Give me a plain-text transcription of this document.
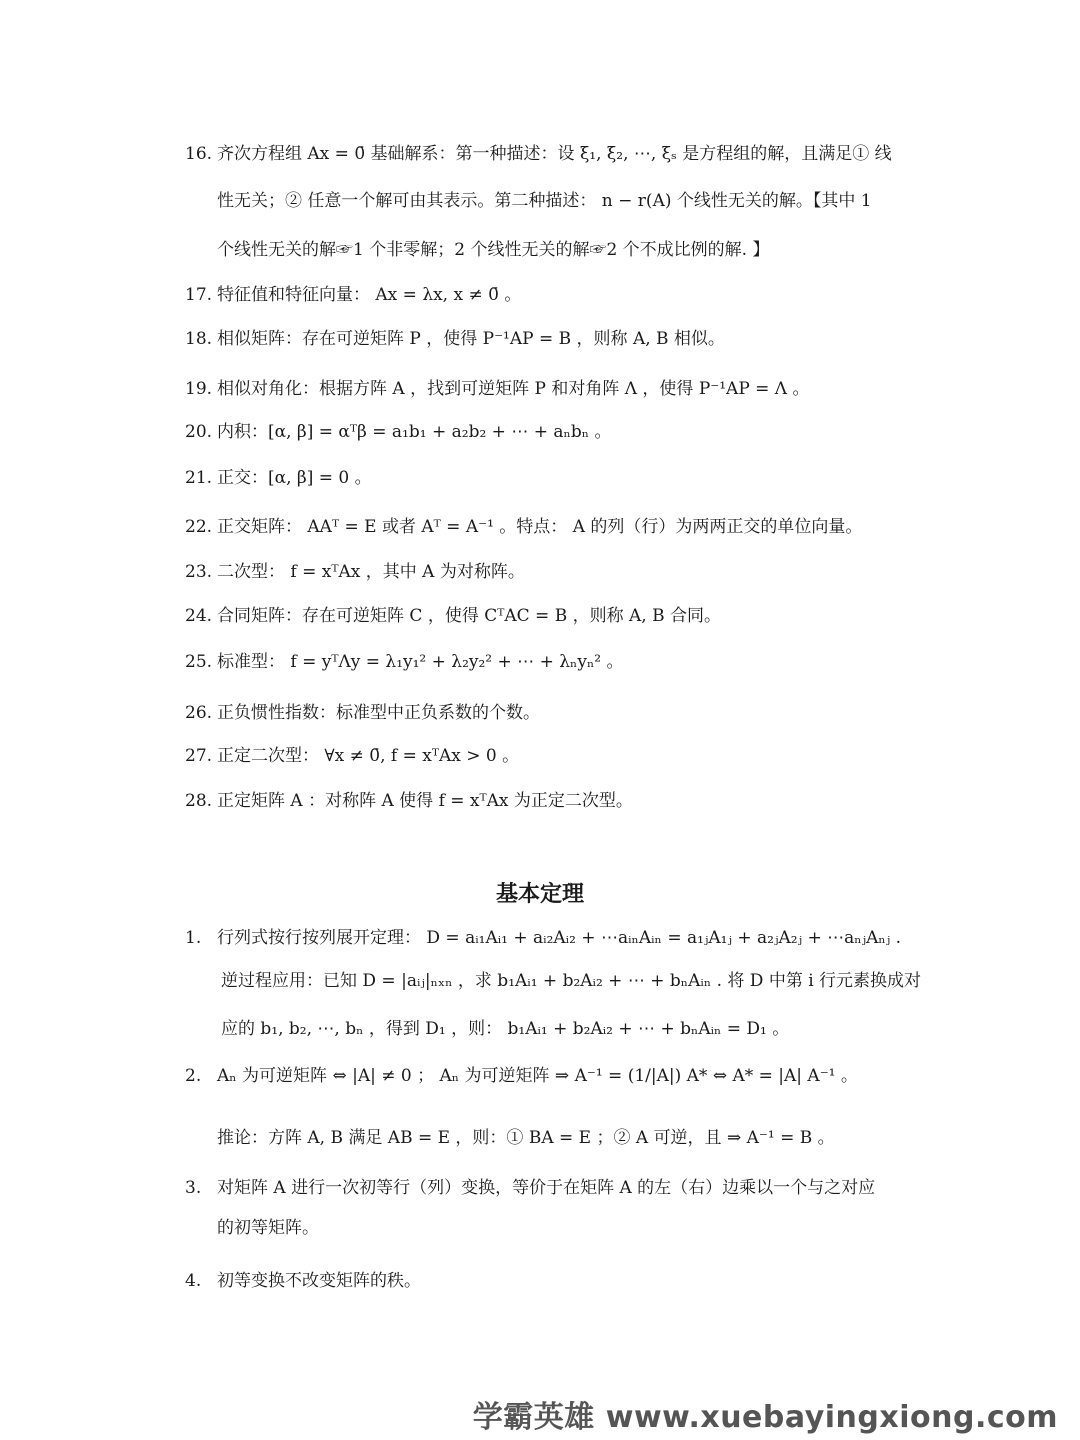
16. 齐次方程组 Ax = 0̄ 基础解系：第一种描述：设 ξ₁, ξ₂, ⋯, ξₛ 是方程组的解，且满足① 线
性无关；② 任意一个解可由其表示。第二种描述： n − r(A) 个线性无关的解。【其中 1
个线性无关的解☞1 个非零解；2 个线性无关的解☞2 个不成比例的解. 】
17. 特征值和特征向量： Ax = λx, x ≠ 0̄ 。
18. 相似矩阵：存在可逆矩阵 P ，使得 P⁻¹AP = B ，则称 A, B 相似。
19. 相似对角化：根据方阵 A ，找到可逆矩阵 P 和对角阵 Λ ，使得 P⁻¹AP = Λ 。
20. 内积：[α, β] = αᵀβ = a₁b₁ + a₂b₂ + ⋯ + aₙbₙ 。
21. 正交：[α, β] = 0 。
22. 正交矩阵： AAᵀ = E 或者 Aᵀ = A⁻¹ 。特点： A 的列（行）为两两正交的单位向量。
23. 二次型： f = xᵀAx ，其中 A 为对称阵。
24. 合同矩阵：存在可逆矩阵 C ，使得 CᵀAC = B ，则称 A, B 合同。
25. 标准型： f = yᵀΛy = λ₁y₁² + λ₂y₂² + ⋯ + λₙyₙ² 。
26. 正负惯性指数：标准型中正负系数的个数。
27. 正定二次型： ∀x ≠ 0̄, f = xᵀAx > 0 。
28. 正定矩阵 A ：对称阵 A 使得 f = xᵀAx 为正定二次型。
基本定理
1. 行列式按行按列展开定理： D = aᵢ₁Aᵢ₁ + aᵢ₂Aᵢ₂ + ⋯aᵢₙAᵢₙ = a₁ⱼA₁ⱼ + a₂ⱼA₂ⱼ + ⋯aₙⱼAₙⱼ .
逆过程应用：已知 D = |aᵢⱼ|ₙₓₙ ，求 b₁Aᵢ₁ + b₂Aᵢ₂ + ⋯ + bₙAᵢₙ . 将 D 中第 i 行元素换成对
应的 b₁, b₂, ⋯, bₙ ，得到 D₁ ，则： b₁Aᵢ₁ + b₂Aᵢ₂ + ⋯ + bₙAᵢₙ = D₁ 。
2. Aₙ 为可逆矩阵 ⇔ |A| ≠ 0 ； Aₙ 为可逆矩阵 ⇒ A⁻¹ = (1/|A|) A* ⇔ A* = |A| A⁻¹ 。
推论：方阵 A, B 满足 AB = E ，则：① BA = E ；② A 可逆，且 ⇒ A⁻¹ = B 。
3. 对矩阵 A 进行一次初等行（列）变换，等价于在矩阵 A 的左（右）边乘以一个与之对应
的初等矩阵。
4. 初等变换不改变矩阵的秩。
学霸英雄 www.xuebayingxiong.com
